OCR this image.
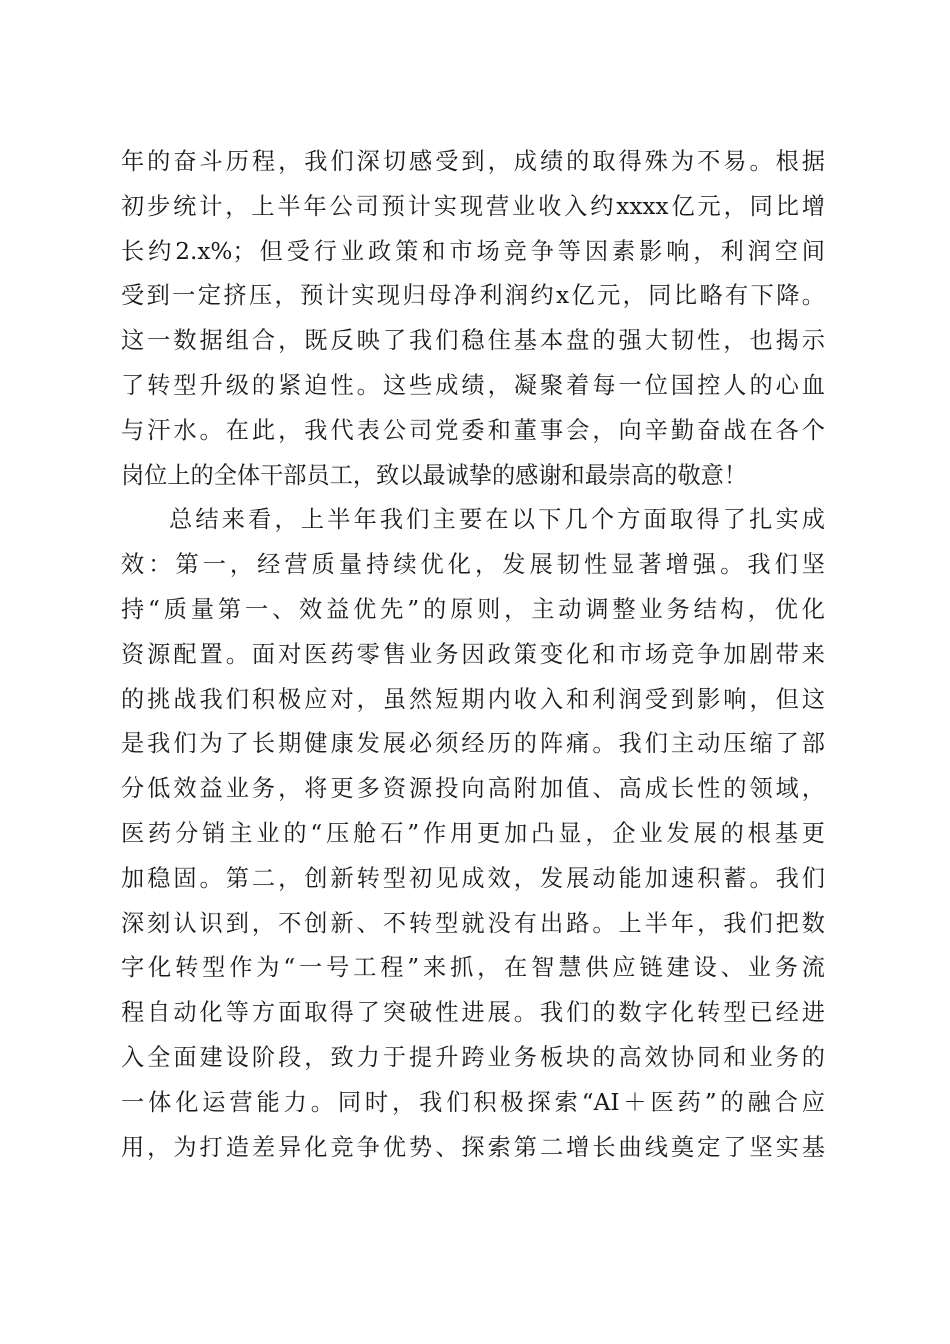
年的奋斗历程，我们深切感受到，成绩的取得殊为不易。根据
初步统计，上半年公司预计实现营业收入约xxxx亿元，同比增
长约2.x%；但受行业政策和市场竞争等因素影响，利润空间
受到一定挤压，预计实现归母净利润约x亿元，同比略有下降。
这一数据组合，既反映了我们稳住基本盘的强大韧性，也揭示
了转型升级的紧迫性。这些成绩，凝聚着每一位国控人的心血
与汗水。在此，我代表公司党委和董事会，向辛勤奋战在各个
岗位上的全体干部员工，致以最诚挚的感谢和最崇高的敬意！

总结来看，上半年我们主要在以下几个方面取得了扎实成
效：第一，经营质量持续优化，发展韧性显著增强。我们坚
持“质量第一、效益优先”的原则，主动调整业务结构，优化
资源配置。面对医药零售业务因政策变化和市场竞争加剧带来
的挑战我们积极应对，虽然短期内收入和利润受到影响，但这
是我们为了长期健康发展必须经历的阵痛。我们主动压缩了部
分低效益业务，将更多资源投向高附加值、高成长性的领域，
医药分销主业的“压舱石”作用更加凸显，企业发展的根基更
加稳固。第二，创新转型初见成效，发展动能加速积蓄。我们
深刻认识到，不创新、不转型就没有出路。上半年，我们把数
字化转型作为“一号工程”来抓，在智慧供应链建设、业务流
程自动化等方面取得了突破性进展。我们的数字化转型已经进
入全面建设阶段，致力于提升跨业务板块的高效协同和业务的
一体化运营能力。同时，我们积极探索“AI＋医药”的融合应
用，为打造差异化竞争优势、探索第二增长曲线奠定了坚实基
